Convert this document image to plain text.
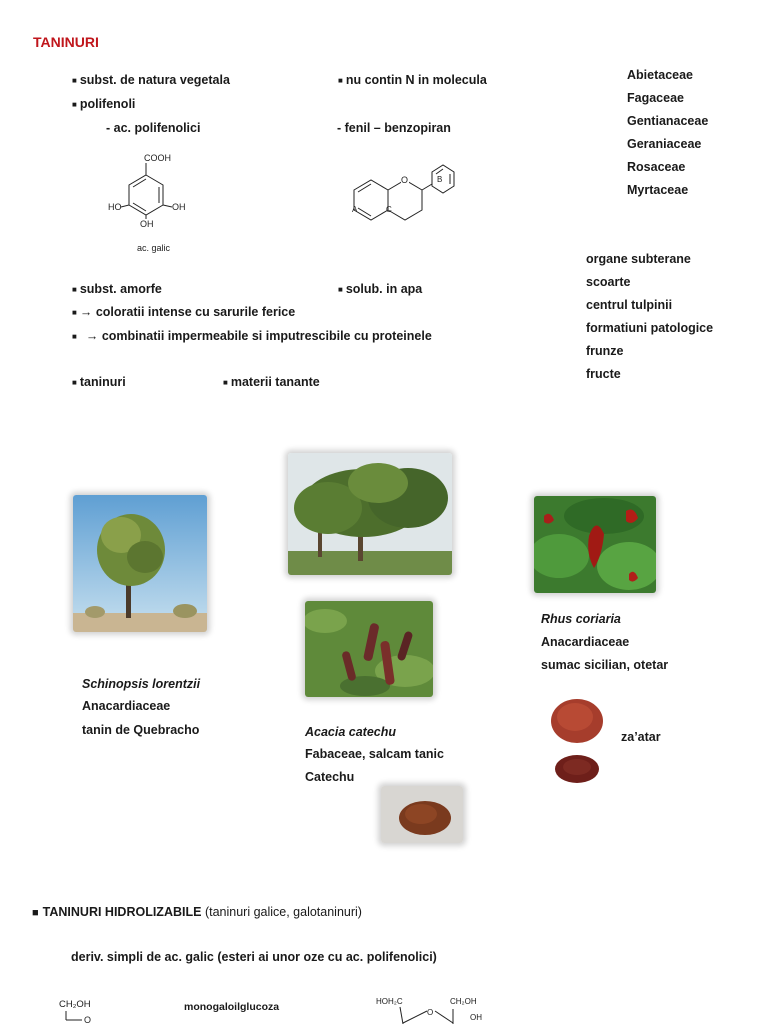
TANINURI
■ subst. de natura vegetala
■ polifenoli
- ac. polifenolici
■ nu contin N in molecula
- fenil – benzopiran
Abietaceae
Fagaceae
Gentianaceae
Geraniaceae
Rosaceae
Myrtaceae
COOH
HO	OH
OH
ac. galic
O
A	C
B
organe subterane
scoarte
centrul tulpinii
formatiuni patologice
frunze
fructe
■ subst. amorfe	■ solub. in apa
■ → coloratii intense cu sarurile ferice
■ → combinatii impermeabile si imputrescibile cu proteinele
■ taninuri	■ materii tanante
Schinopsis lorentzii
Anacardiaceae
tanin de Quebracho	Acacia catechu
Fabaceae, salcam tanic
Catechu
Rhus coriaria
Anacardiaceae
sumac sicilian, otetar
za’atar
■ TANINURI HIDROLIZABILE (taninuri galice, galotaninuri)
deriv. simpli de ac. galic (esteri ai unor oze cu ac. polifenolici)
CH₂OH
O
monogaloilglucoza	HOH₂C	CH₂OH
OH
O
